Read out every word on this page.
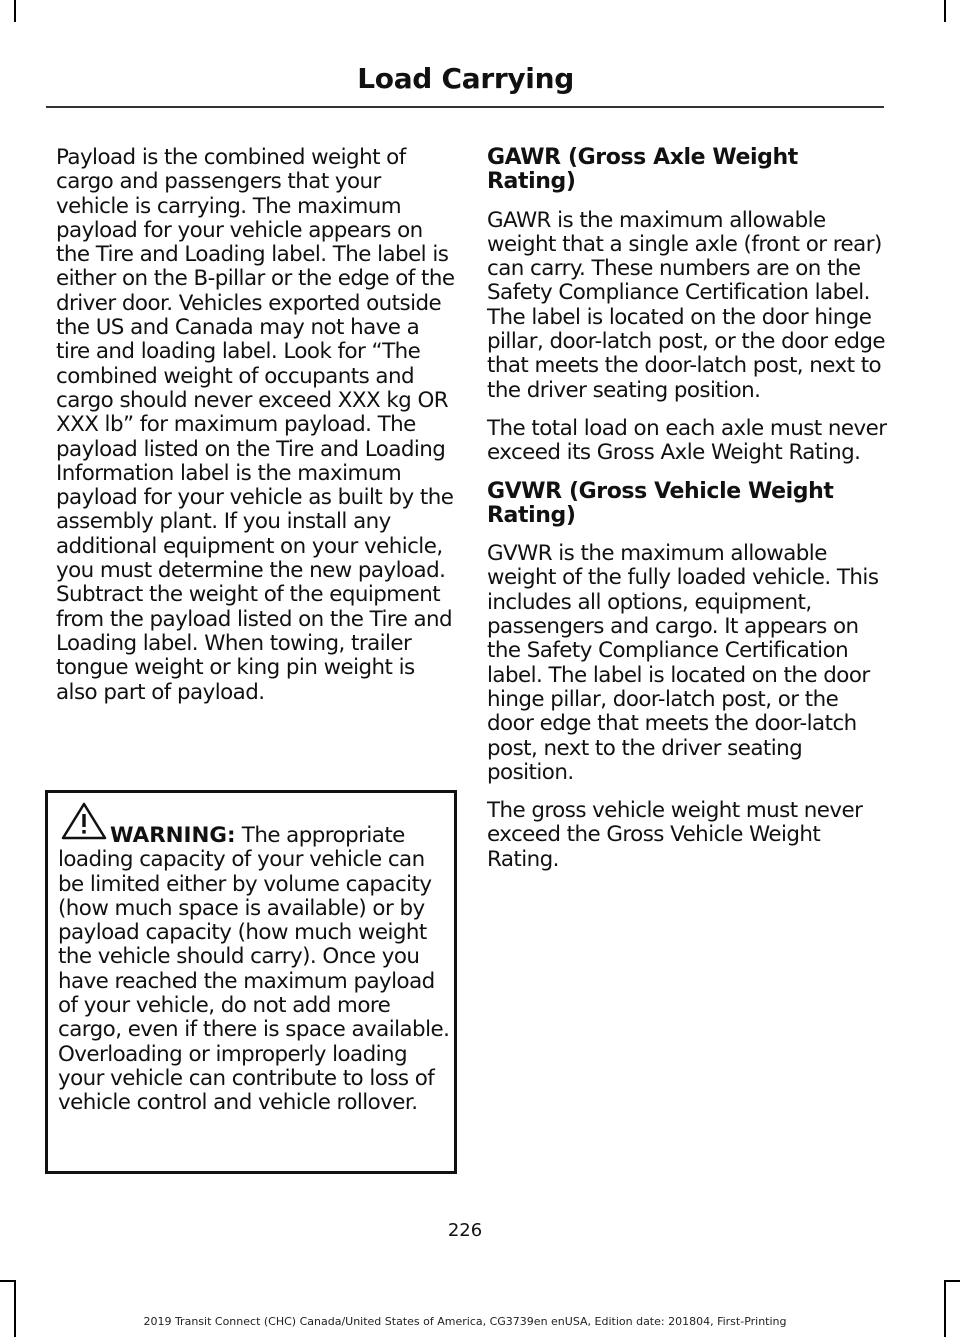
Load Carrying

Payload is the combined weight of cargo and passengers that your vehicle is carrying. The maximum payload for your vehicle appears on the Tire and Loading label. The label is either on the B-pillar or the edge of the driver door. Vehicles exported outside the US and Canada may not have a tire and loading label. Look for “The combined weight of occupants and cargo should never exceed XXX kg OR XXX lb” for maximum payload. The payload listed on the Tire and Loading Information label is the maximum payload for your vehicle as built by the assembly plant. If you install any additional equipment on your vehicle, you must determine the new payload. Subtract the weight of the equipment from the payload listed on the Tire and Loading label. When towing, trailer tongue weight or king pin weight is also part of payload.

WARNING: The appropriate loading capacity of your vehicle can be limited either by volume capacity (how much space is available) or by payload capacity (how much weight the vehicle should carry). Once you have reached the maximum payload of your vehicle, do not add more cargo, even if there is space available. Overloading or improperly loading your vehicle can contribute to loss of vehicle control and vehicle rollover.
GAWR (Gross Axle Weight Rating)

GAWR is the maximum allowable weight that a single axle (front or rear) can carry. These numbers are on the Safety Compliance Certification label. The label is located on the door hinge pillar, door-latch post, or the door edge that meets the door-latch post, next to the driver seating position.

The total load on each axle must never exceed its Gross Axle Weight Rating.

GVWR (Gross Vehicle Weight Rating)

GVWR is the maximum allowable weight of the fully loaded vehicle. This includes all options, equipment, passengers and cargo. It appears on the Safety Compliance Certification label. The label is located on the door hinge pillar, door-latch post, or the door edge that meets the door-latch post, next to the driver seating position.

The gross vehicle weight must never exceed the Gross Vehicle Weight Rating.

226
2019 Transit Connect (CHC) Canada/United States of America, CG3739en enUSA, Edition date: 201804, First-Printing
